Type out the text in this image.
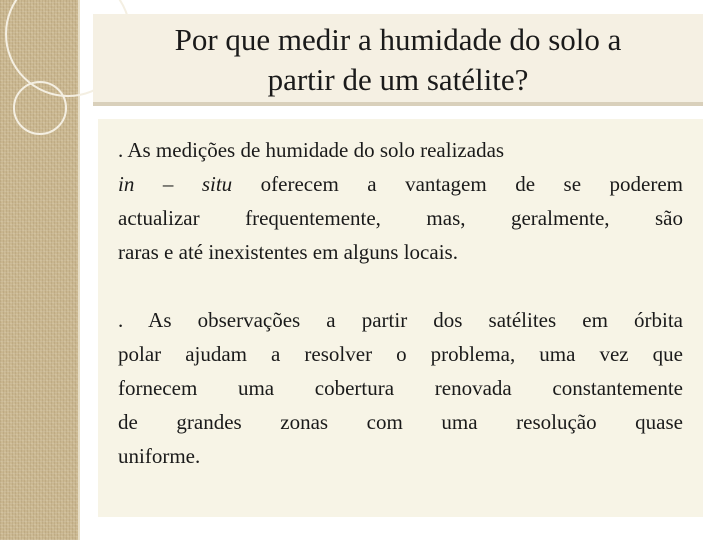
Por que medir a humidade do solo a
partir de um satélite?

. As medições de humidade do solo realizadas
in – situ oferecem a vantagem de se poderem
actualizar frequentemente, mas, geralmente, são
raras e até inexistentes em alguns locais.

. As observações a partir dos satélites em órbita
polar ajudam a resolver o problema, uma vez que
fornecem uma cobertura renovada constantemente
de grandes zonas com uma resolução quase
uniforme.
